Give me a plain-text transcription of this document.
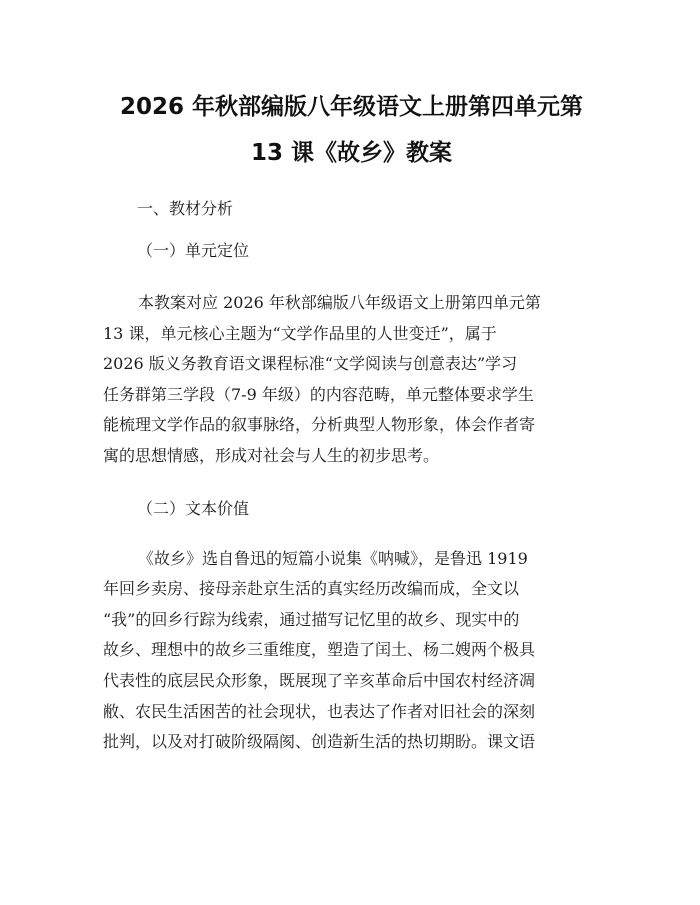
2026 年秋部编版八年级语文上册第四单元第
13 课《故乡》教案

一、教材分析

（一）单元定位

本教案对应 2026 年秋部编版八年级语文上册第四单元第
13 课，单元核心主题为“文学作品里的人世变迁”，属于
2026 版义务教育语文课程标准“文学阅读与创意表达”学习
任务群第三学段（7-9 年级）的内容范畴，单元整体要求学生
能梳理文学作品的叙事脉络，分析典型人物形象，体会作者寄
寓的思想情感，形成对社会与人生的初步思考。

（二）文本价值

《故乡》选自鲁迅的短篇小说集《呐喊》，是鲁迅 1919
年回乡卖房、接母亲赴京生活的真实经历改编而成，全文以
“我”的回乡行踪为线索，通过描写记忆里的故乡、现实中的
故乡、理想中的故乡三重维度，塑造了闰土、杨二嫂两个极具
代表性的底层民众形象，既展现了辛亥革命后中国农村经济凋
敝、农民生活困苦的社会现状，也表达了作者对旧社会的深刻
批判，以及对打破阶级隔阂、创造新生活的热切期盼。课文语
